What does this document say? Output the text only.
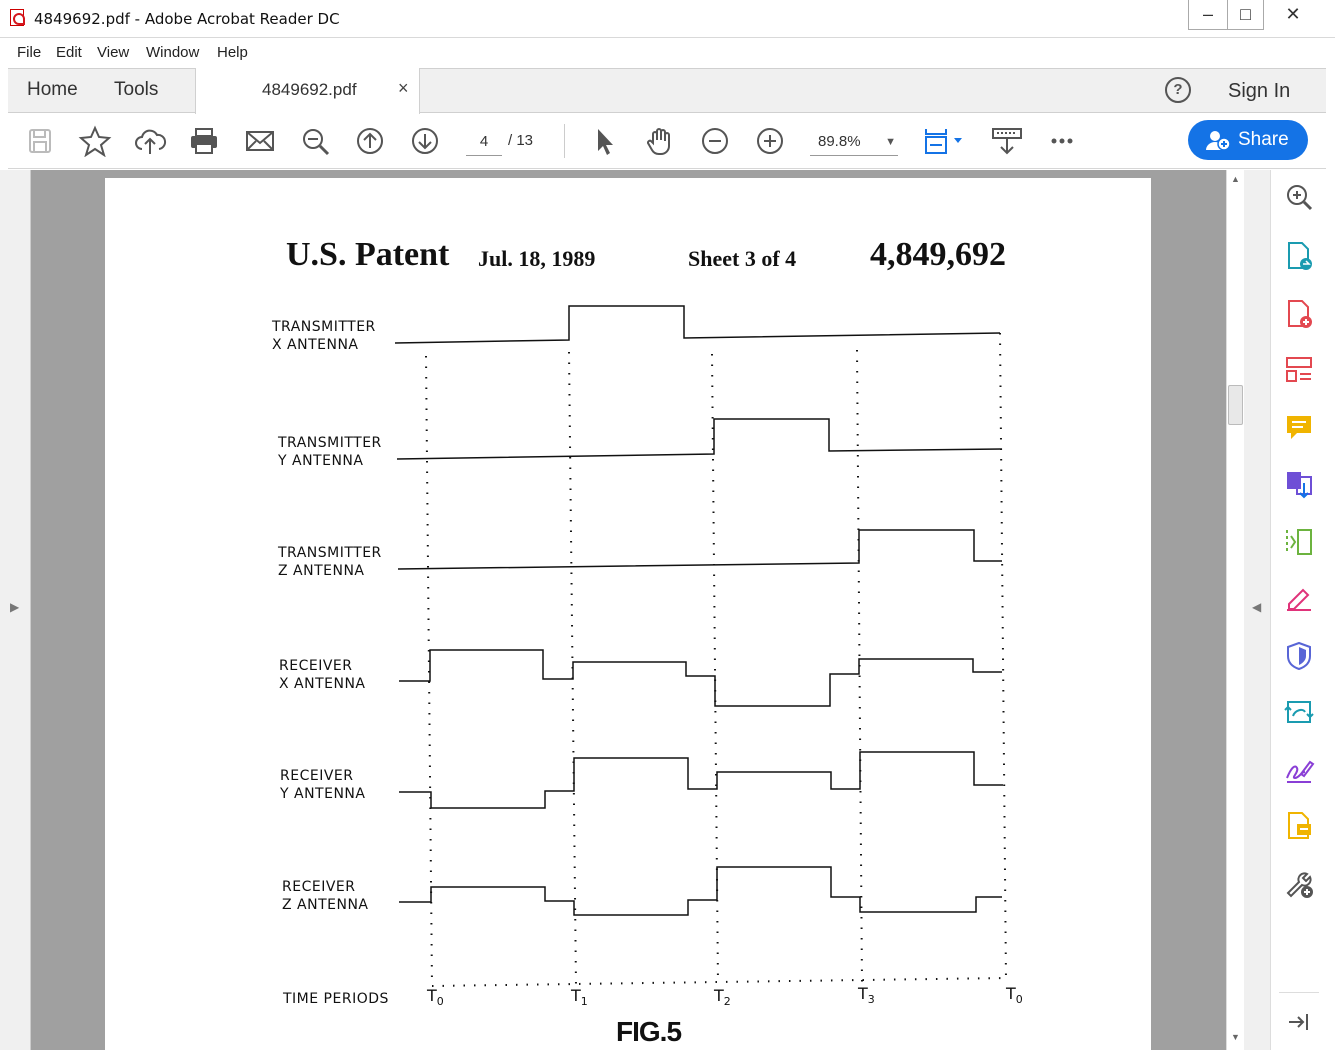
4849692.pdf - Adobe Acrobat Reader DC	–	□	✕
File Edit View Window Help
Home Tools	4849692.pdf ×	?	Sign In
4	/ 13	89.8% ▼	Share
▶
U.S. Patent Jul. 18, 1989	Sheet 3 of 4 4,849,692
TRANSMITTER
X ANTENNA
TRANSMITTER
Y ANTENNA
TRANSMITTER
Z ANTENNA
RECEIVER
X ANTENNA
RECEIVER
Y ANTENNA
RECEIVER
Z ANTENNA
TIME PERIODS $T_0$	$T_1$	$T_2$	$T_3$	$T_0$
FIG.5
▲
▼
◀
